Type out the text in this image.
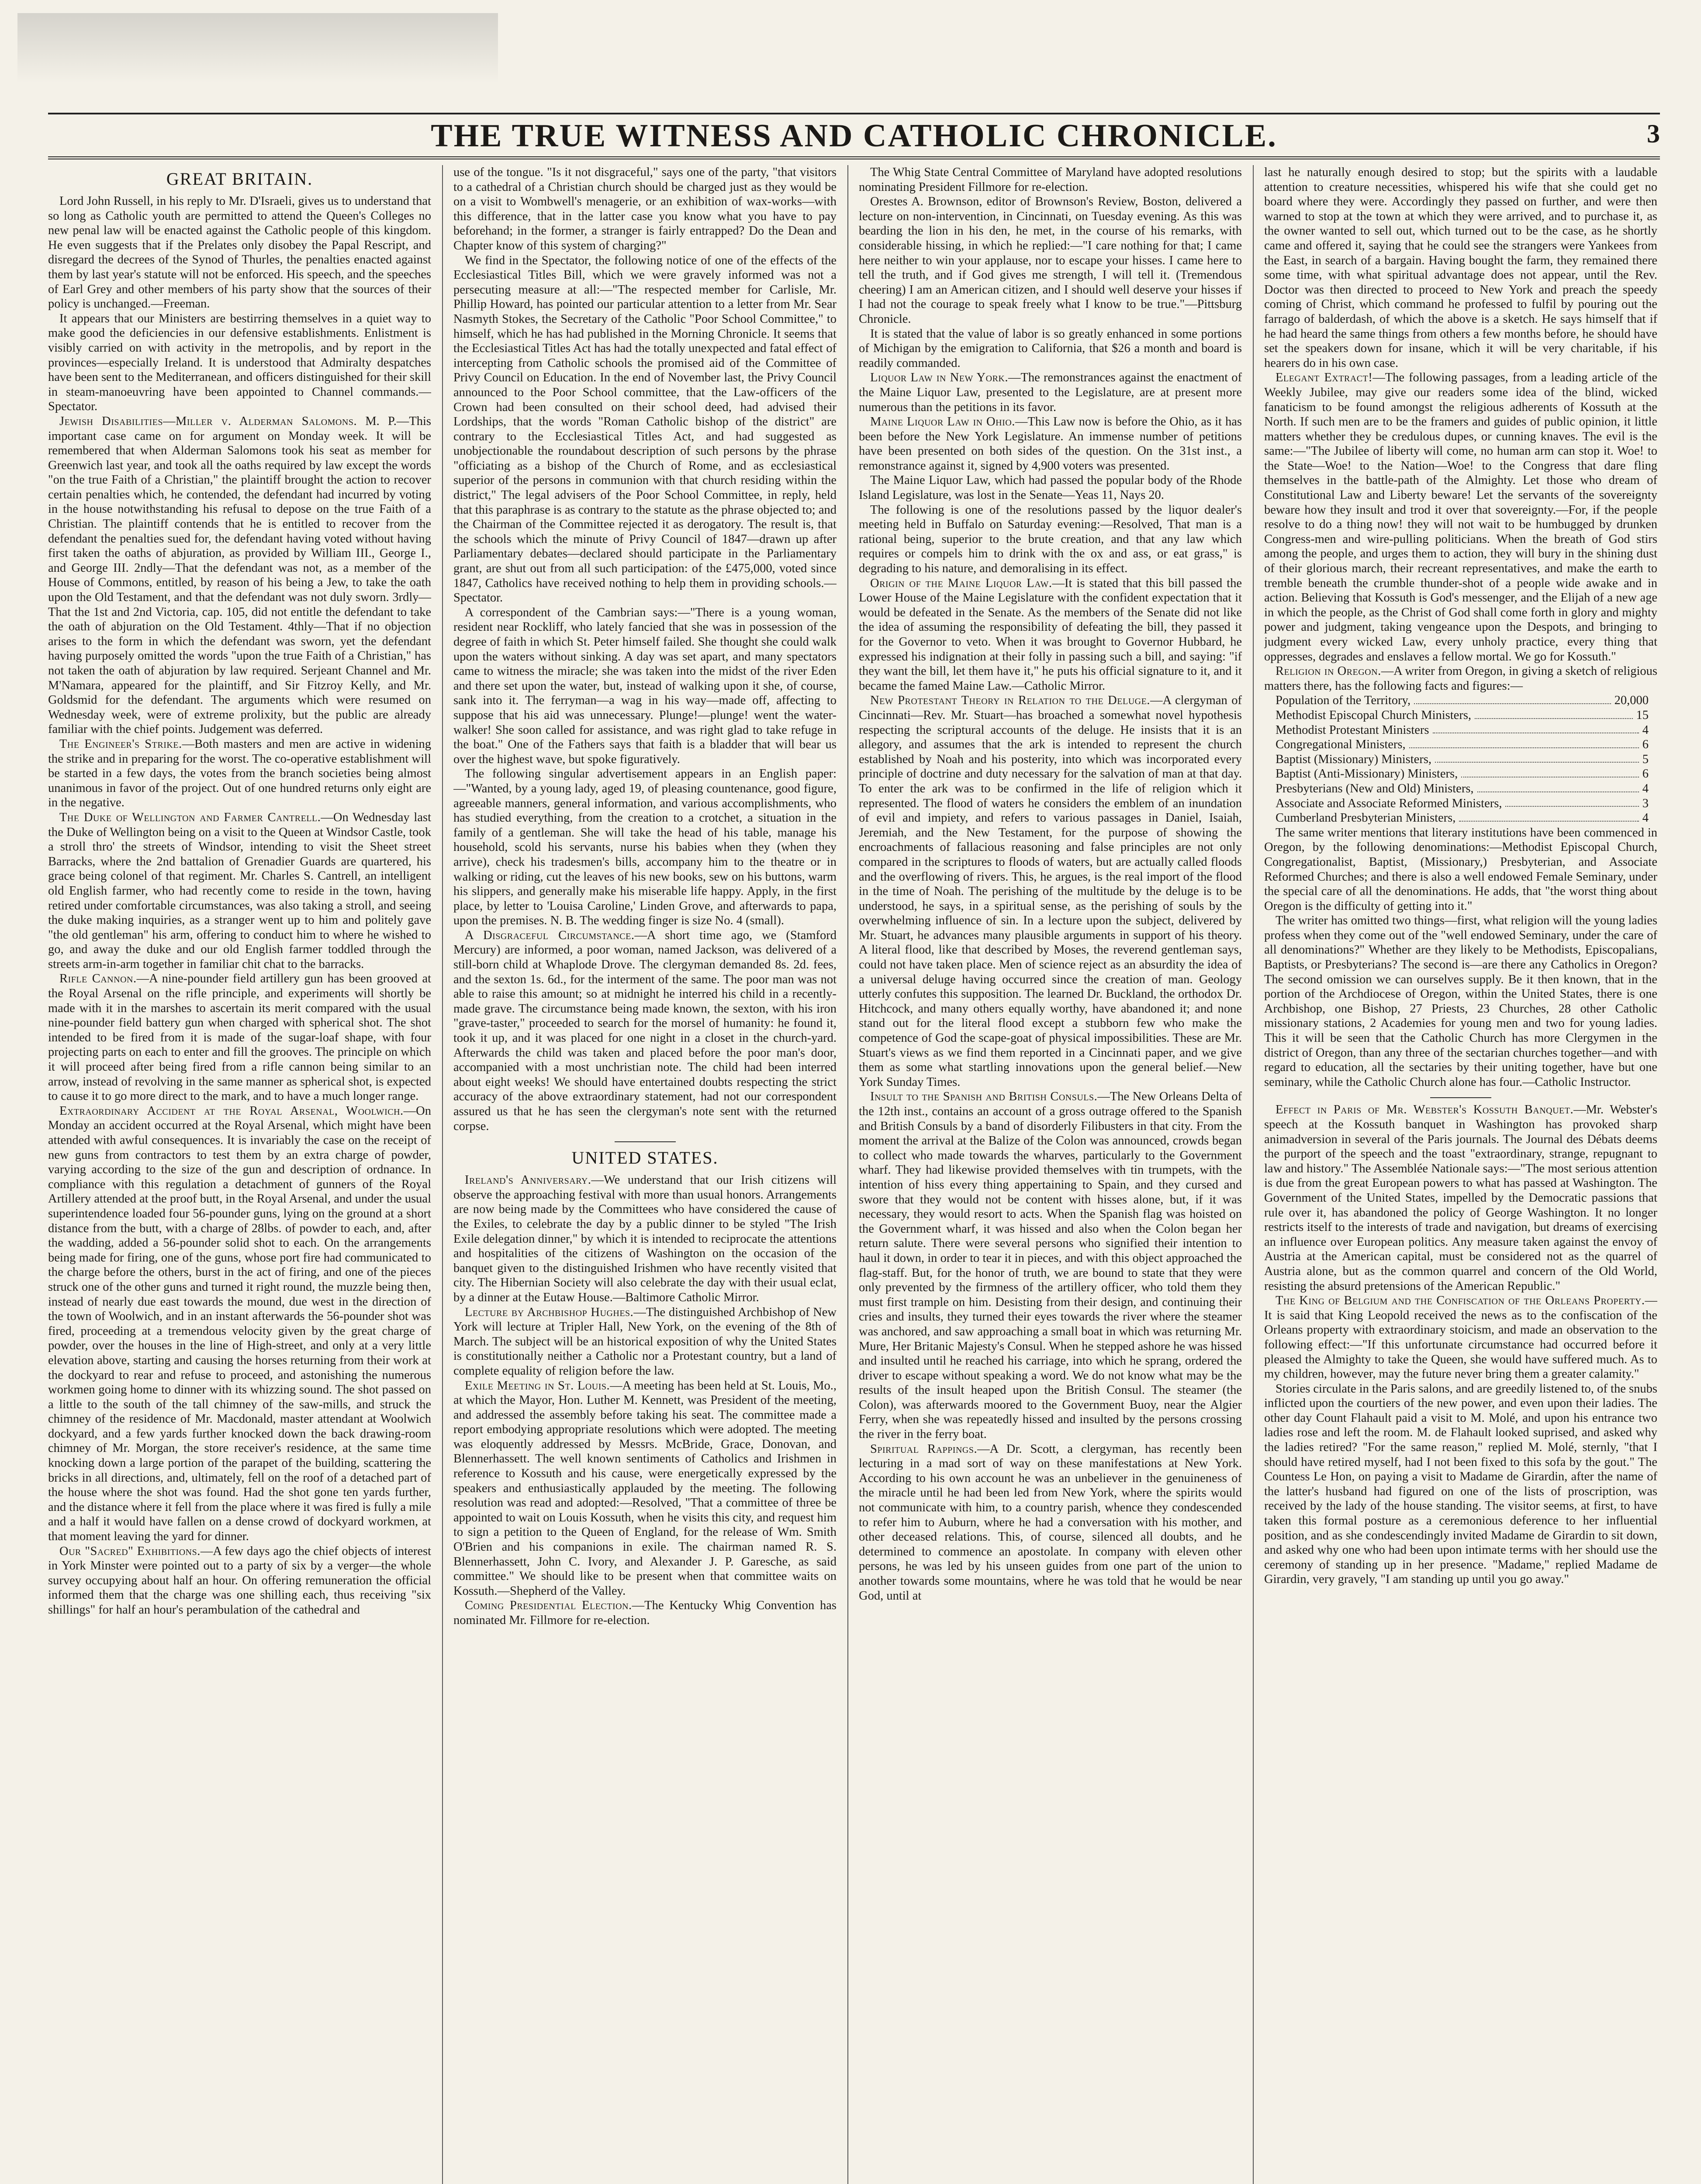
THE TRUE WITNESS AND CATHOLIC CHRONICLE.	3
GREAT BRITAIN.

Lord John Russell, in his reply to Mr. D'Israeli, gives us to understand that so long as Catholic youth are permitted to attend the Queen's Colleges no new penal law will be enacted against the Catholic people of this kingdom. He even suggests that if the Prelates only disobey the Papal Rescript, and disregard the decrees of the Synod of Thurles, the penalties enacted against them by last year's statute will not be enforced. His speech, and the speeches of Earl Grey and other members of his party show that the sources of their policy is unchanged.—Freeman.

It appears that our Ministers are bestirring themselves in a quiet way to make good the deficiencies in our defensive establishments. Enlistment is visibly carried on with activity in the metropolis, and by report in the provinces—especially Ireland. It is understood that Admiralty despatches have been sent to the Mediterranean, and officers distinguished for their skill in steam-manoeuvring have been appointed to Channel commands.—Spectator.

Jewish Disabilities—Miller v. Alderman Salomons. M. P.—This important case came on for argument on Monday week. It will be remembered that when Alderman Salomons took his seat as member for Greenwich last year, and took all the oaths required by law except the words "on the true Faith of a Christian," the plaintiff brought the action to recover certain penalties which, he contended, the defendant had incurred by voting in the house notwithstanding his refusal to depose on the true Faith of a Christian. The plaintiff contends that he is entitled to recover from the defendant the penalties sued for, the defendant having voted without having first taken the oaths of abjuration, as provided by William III., George I., and George III. 2ndly—That the defendant was not, as a member of the House of Commons, entitled, by reason of his being a Jew, to take the oath upon the Old Testament, and that the defendant was not duly sworn. 3rdly—That the 1st and 2nd Victoria, cap. 105, did not entitle the defendant to take the oath of abjuration on the Old Testament. 4thly—That if no objection arises to the form in which the defendant was sworn, yet the defendant having purposely omitted the words "upon the true Faith of a Christian," has not taken the oath of abjuration by law required. Serjeant Channel and Mr. M'Namara, appeared for the plaintiff, and Sir Fitzroy Kelly, and Mr. Goldsmid for the defendant. The arguments which were resumed on Wednesday week, were of extreme prolixity, but the public are already familiar with the chief points. Judgement was deferred.

The Engineer's Strike.—Both masters and men are active in widening the strike and in preparing for the worst. The co-operative establishment will be started in a few days, the votes from the branch societies being almost unanimous in favor of the project. Out of one hundred returns only eight are in the negative.

The Duke of Wellington and Farmer Cantrell.—On Wednesday last the Duke of Wellington being on a visit to the Queen at Windsor Castle, took a stroll thro' the streets of Windsor, intending to visit the Sheet street Barracks, where the 2nd battalion of Grenadier Guards are quartered, his grace being colonel of that regiment. Mr. Charles S. Cantrell, an intelligent old English farmer, who had recently come to reside in the town, having retired under comfortable circumstances, was also taking a stroll, and seeing the duke making inquiries, as a stranger went up to him and politely gave "the old gentleman" his arm, offering to conduct him to where he wished to go, and away the duke and our old English farmer toddled through the streets arm-in-arm together in familiar chit chat to the barracks.

Rifle Cannon.—A nine-pounder field artillery gun has been grooved at the Royal Arsenal on the rifle principle, and experiments will shortly be made with it in the marshes to ascertain its merit compared with the usual nine-pounder field battery gun when charged with spherical shot. The shot intended to be fired from it is made of the sugar-loaf shape, with four projecting parts on each to enter and fill the grooves. The principle on which it will proceed after being fired from a rifle cannon being similar to an arrow, instead of revolving in the same manner as spherical shot, is expected to cause it to go more direct to the mark, and to have a much longer range.

Extraordinary Accident at the Royal Arsenal, Woolwich.—On Monday an accident occurred at the Royal Arsenal, which might have been attended with awful consequences. It is invariably the case on the receipt of new guns from contractors to test them by an extra charge of powder, varying according to the size of the gun and description of ordnance. In compliance with this regulation a detachment of gunners of the Royal Artillery attended at the proof butt, in the Royal Arsenal, and under the usual superintendence loaded four 56-pounder guns, lying on the ground at a short distance from the butt, with a charge of 28lbs. of powder to each, and, after the wadding, added a 56-pounder solid shot to each. On the arrangements being made for firing, one of the guns, whose port fire had communicated to the charge before the others, burst in the act of firing, and one of the pieces struck one of the other guns and turned it right round, the muzzle being then, instead of nearly due east towards the mound, due west in the direction of the town of Woolwich, and in an instant afterwards the 56-pounder shot was fired, proceeding at a tremendous velocity given by the great charge of powder, over the houses in the line of High-street, and only at a very little elevation above, starting and causing the horses returning from their work at the dockyard to rear and refuse to proceed, and astonishing the numerous workmen going home to dinner with its whizzing sound. The shot passed on a little to the south of the tall chimney of the saw-mills, and struck the chimney of the residence of Mr. Macdonald, master attendant at Woolwich dockyard, and a few yards further knocked down the back drawing-room chimney of Mr. Morgan, the store receiver's residence, at the same time knocking down a large portion of the parapet of the building, scattering the bricks in all directions, and, ultimately, fell on the roof of a detached part of the house where the shot was found. Had the shot gone ten yards further, and the distance where it fell from the place where it was fired is fully a mile and a half it would have fallen on a dense crowd of dockyard workmen, at that moment leaving the yard for dinner.

Our "Sacred" Exhibitions.—A few days ago the chief objects of interest in York Minster were pointed out to a party of six by a verger—the whole survey occupying about half an hour. On offering remuneration the official informed them that the charge was one shilling each, thus receiving "six shillings" for half an hour's perambulation of the cathedral and

use of the tongue. "Is it not disgraceful," says one of the party, "that visitors to a cathedral of a Christian church should be charged just as they would be on a visit to Wombwell's menagerie, or an exhibition of wax-works—with this difference, that in the latter case you know what you have to pay beforehand; in the former, a stranger is fairly entrapped? Do the Dean and Chapter know of this system of charging?"

We find in the Spectator, the following notice of one of the effects of the Ecclesiastical Titles Bill, which we were gravely informed was not a persecuting measure at all:—"The respected member for Carlisle, Mr. Phillip Howard, has pointed our particular attention to a letter from Mr. Sear Nasmyth Stokes, the Secretary of the Catholic "Poor School Committee," to himself, which he has had published in the Morning Chronicle. It seems that the Ecclesiastical Titles Act has had the totally unexpected and fatal effect of intercepting from Catholic schools the promised aid of the Committee of Privy Council on Education. In the end of November last, the Privy Council announced to the Poor School committee, that the Law-officers of the Crown had been consulted on their school deed, had advised their Lordships, that the words "Roman Catholic bishop of the district" are contrary to the Ecclesiastical Titles Act, and had suggested as unobjectionable the roundabout description of such persons by the phrase "officiating as a bishop of the Church of Rome, and as ecclesiastical superior of the persons in communion with that church residing within the district," The legal advisers of the Poor School Committee, in reply, held that this paraphrase is as contrary to the statute as the phrase objected to; and the Chairman of the Committee rejected it as derogatory. The result is, that the schools which the minute of Privy Council of 1847—drawn up after Parliamentary debates—declared should participate in the Parliamentary grant, are shut out from all such participation: of the £475,000, voted since 1847, Catholics have received nothing to help them in providing schools.—Spectator.

A correspondent of the Cambrian says:—"There is a young woman, resident near Rockliff, who lately fancied that she was in possession of the degree of faith in which St. Peter himself failed. She thought she could walk upon the waters without sinking. A day was set apart, and many spectators came to witness the miracle; she was taken into the midst of the river Eden and there set upon the water, but, instead of walking upon it she, of course, sank into it. The ferryman—a wag in his way—made off, affecting to suppose that his aid was unnecessary. Plunge!—plunge! went the water-walker! She soon called for assistance, and was right glad to take refuge in the boat." One of the Fathers says that faith is a bladder that will bear us over the highest wave, but spoke figuratively.

The following singular advertisement appears in an English paper:—"Wanted, by a young lady, aged 19, of pleasing countenance, good figure, agreeable manners, general information, and various accomplishments, who has studied everything, from the creation to a crotchet, a situation in the family of a gentleman. She will take the head of his table, manage his household, scold his servants, nurse his babies when they (when they arrive), check his tradesmen's bills, accompany him to the theatre or in walking or riding, cut the leaves of his new books, sew on his buttons, warm his slippers, and generally make his miserable life happy. Apply, in the first place, by letter to 'Louisa Caroline,' Linden Grove, and afterwards to papa, upon the premises. N. B. The wedding finger is size No. 4 (small).

A Disgraceful Circumstance.—A short time ago, we (Stamford Mercury) are informed, a poor woman, named Jackson, was delivered of a still-born child at Whaplode Drove. The clergyman demanded 8s. 2d. fees, and the sexton 1s. 6d., for the interment of the same. The poor man was not able to raise this amount; so at midnight he interred his child in a recently-made grave. The circumstance being made known, the sexton, with his iron "grave-taster," proceeded to search for the morsel of humanity: he found it, took it up, and it was placed for one night in a closet in the church-yard. Afterwards the child was taken and placed before the poor man's door, accompanied with a most unchristian note. The child had been interred about eight weeks! We should have entertained doubts respecting the strict accuracy of the above extraordinary statement, had not our correspondent assured us that he has seen the clergyman's note sent with the returned corpse.

UNITED STATES.

Ireland's Anniversary.—We understand that our Irish citizens will observe the approaching festival with more than usual honors. Arrangements are now being made by the Committees who have considered the cause of the Exiles, to celebrate the day by a public dinner to be styled "The Irish Exile delegation dinner," by which it is intended to reciprocate the attentions and hospitalities of the citizens of Washington on the occasion of the banquet given to the distinguished Irishmen who have recently visited that city. The Hibernian Society will also celebrate the day with their usual eclat, by a dinner at the Eutaw House.—Baltimore Catholic Mirror.

Lecture by Archbishop Hughes.—The distinguished Archbishop of New York will lecture at Tripler Hall, New York, on the evening of the 8th of March. The subject will be an historical exposition of why the United States is constitutionally neither a Catholic nor a Protestant country, but a land of complete equality of religion before the law.

Exile Meeting in St. Louis.—A meeting has been held at St. Louis, Mo., at which the Mayor, Hon. Luther M. Kennett, was President of the meeting, and addressed the assembly before taking his seat. The committee made a report embodying appropriate resolutions which were adopted. The meeting was eloquently addressed by Messrs. McBride, Grace, Donovan, and Blennerhassett. The well known sentiments of Catholics and Irishmen in reference to Kossuth and his cause, were energetically expressed by the speakers and enthusiastically applauded by the meeting. The following resolution was read and adopted:—Resolved, "That a committee of three be appointed to wait on Louis Kossuth, when he visits this city, and request him to sign a petition to the Queen of England, for the release of Wm. Smith O'Brien and his companions in exile. The chairman named R. S. Blennerhassett, John C. Ivory, and Alexander J. P. Garesche, as said committee." We should like to be present when that committee waits on Kossuth.—Shepherd of the Valley.

Coming Presidential Election.—The Kentucky Whig Convention has nominated Mr. Fillmore for re-election.

The Whig State Central Committee of Maryland have adopted resolutions nominating President Fillmore for re-election.

Orestes A. Brownson, editor of Brownson's Review, Boston, delivered a lecture on non-intervention, in Cincinnati, on Tuesday evening. As this was bearding the lion in his den, he met, in the course of his remarks, with considerable hissing, in which he replied:—"I care nothing for that; I came here neither to win your applause, nor to escape your hisses. I came here to tell the truth, and if God gives me strength, I will tell it. (Tremendous cheering) I am an American citizen, and I should well deserve your hisses if I had not the courage to speak freely what I know to be true."—Pittsburg Chronicle.

It is stated that the value of labor is so greatly enhanced in some portions of Michigan by the emigration to California, that $26 a month and board is readily commanded.

Liquor Law in New York.—The remonstrances against the enactment of the Maine Liquor Law, presented to the Legislature, are at present more numerous than the petitions in its favor.

Maine Liquor Law in Ohio.—This Law now is before the Ohio, as it has been before the New York Legislature. An immense number of petitions have been presented on both sides of the question. On the 31st inst., a remonstrance against it, signed by 4,900 voters was presented.

The Maine Liquor Law, which had passed the popular body of the Rhode Island Legislature, was lost in the Senate—Yeas 11, Nays 20.

The following is one of the resolutions passed by the liquor dealer's meeting held in Buffalo on Saturday evening:—Resolved, That man is a rational being, superior to the brute creation, and that any law which requires or compels him to drink with the ox and ass, or eat grass," is degrading to his nature, and demoralising in its effect.

Origin of the Maine Liquor Law.—It is stated that this bill passed the Lower House of the Maine Legislature with the confident expectation that it would be defeated in the Senate. As the members of the Senate did not like the idea of assuming the responsibility of defeating the bill, they passed it for the Governor to veto. When it was brought to Governor Hubbard, he expressed his indignation at their folly in passing such a bill, and saying: "if they want the bill, let them have it," he puts his official signature to it, and it became the famed Maine Law.—Catholic Mirror.

New Protestant Theory in Relation to the Deluge.—A clergyman of Cincinnati—Rev. Mr. Stuart—has broached a somewhat novel hypothesis respecting the scriptural accounts of the deluge. He insists that it is an allegory, and assumes that the ark is intended to represent the church established by Noah and his posterity, into which was incorporated every principle of doctrine and duty necessary for the salvation of man at that day. To enter the ark was to be confirmed in the life of religion which it represented. The flood of waters he considers the emblem of an inundation of evil and impiety, and refers to various passages in Daniel, Isaiah, Jeremiah, and the New Testament, for the purpose of showing the encroachments of fallacious reasoning and false principles are not only compared in the scriptures to floods of waters, but are actually called floods and the overflowing of rivers. This, he argues, is the real import of the flood in the time of Noah. The perishing of the multitude by the deluge is to be understood, he says, in a spiritual sense, as the perishing of souls by the overwhelming influence of sin. In a lecture upon the subject, delivered by Mr. Stuart, he advances many plausible arguments in support of his theory. A literal flood, like that described by Moses, the reverend gentleman says, could not have taken place. Men of science reject as an absurdity the idea of a universal deluge having occurred since the creation of man. Geology utterly confutes this supposition. The learned Dr. Buckland, the orthodox Dr. Hitchcock, and many others equally worthy, have abandoned it; and none stand out for the literal flood except a stubborn few who make the competence of God the scape-goat of physical impossibilities. These are Mr. Stuart's views as we find them reported in a Cincinnati paper, and we give them as some what startling innovations upon the general belief.—New York Sunday Times.

Insult to the Spanish and British Consuls.—The New Orleans Delta of the 12th inst., contains an account of a gross outrage offered to the Spanish and British Consuls by a band of disorderly Filibusters in that city. From the moment the arrival at the Balize of the Colon was announced, crowds began to collect who made towards the wharves, particularly to the Government wharf. They had likewise provided themselves with tin trumpets, with the intention of hiss every thing appertaining to Spain, and they cursed and swore that they would not be content with hisses alone, but, if it was necessary, they would resort to acts. When the Spanish flag was hoisted on the Government wharf, it was hissed and also when the Colon began her return salute. There were several persons who signified their intention to haul it down, in order to tear it in pieces, and with this object approached the flag-staff. But, for the honor of truth, we are bound to state that they were only prevented by the firmness of the artillery officer, who told them they must first trample on him. Desisting from their design, and continuing their cries and insults, they turned their eyes towards the river where the steamer was anchored, and saw approaching a small boat in which was returning Mr. Mure, Her Britanic Majesty's Consul. When he stepped ashore he was hissed and insulted until he reached his carriage, into which he sprang, ordered the driver to escape without speaking a word. We do not know what may be the results of the insult heaped upon the British Consul. The steamer (the Colon), was afterwards moored to the Government Buoy, near the Algier Ferry, when she was repeatedly hissed and insulted by the persons crossing the river in the ferry boat.

Spiritual Rappings.—A Dr. Scott, a clergyman, has recently been lecturing in a mad sort of way on these manifestations at New York. According to his own account he was an unbeliever in the genuineness of the miracle until he had been led from New York, where the spirits would not communicate with him, to a country parish, whence they condescended to refer him to Auburn, where he had a conversation with his mother, and other deceased relations. This, of course, silenced all doubts, and he determined to commence an apostolate. In company with eleven other persons, he was led by his unseen guides from one part of the union to another towards some mountains, where he was told that he would be near God, until at

last he naturally enough desired to stop; but the spirits with a laudable attention to creature necessities, whispered his wife that she could get no board where they were. Accordingly they passed on further, and were then warned to stop at the town at which they were arrived, and to purchase it, as the owner wanted to sell out, which turned out to be the case, as he shortly came and offered it, saying that he could see the strangers were Yankees from the East, in search of a bargain. Having bought the farm, they remained there some time, with what spiritual advantage does not appear, until the Rev. Doctor was then directed to proceed to New York and preach the speedy coming of Christ, which command he professed to fulfil by pouring out the farrago of balderdash, of which the above is a sketch. He says himself that if he had heard the same things from others a few months before, he should have set the speakers down for insane, which it will be very charitable, if his hearers do in his own case.

Elegant Extract!—The following passages, from a leading article of the Weekly Jubilee, may give our readers some idea of the blind, wicked fanaticism to be found amongst the religious adherents of Kossuth at the North. If such men are to be the framers and guides of public opinion, it little matters whether they be credulous dupes, or cunning knaves. The evil is the same:—"The Jubilee of liberty will come, no human arm can stop it. Woe! to the State—Woe! to the Nation—Woe! to the Congress that dare fling themselves in the battle-path of the Almighty. Let those who dream of Constitutional Law and Liberty beware! Let the servants of the sovereignty beware how they insult and trod it over that sovereignty.—For, if the people resolve to do a thing now! they will not wait to be humbugged by drunken Congress-men and wire-pulling politicians. When the breath of God stirs among the people, and urges them to action, they will bury in the shining dust of their glorious march, their recreant representatives, and make the earth to tremble beneath the crumble thunder-shot of a people wide awake and in action. Believing that Kossuth is God's messenger, and the Elijah of a new age in which the people, as the Christ of God shall come forth in glory and mighty power and judgment, taking vengeance upon the Despots, and bringing to judgment every wicked Law, every unholy practice, every thing that oppresses, degrades and enslaves a fellow mortal. We go for Kossuth."

Religion in Oregon.—A writer from Oregon, in giving a sketch of religious matters there, has the following facts and figures:—

Population of the Territory,	20,000
Methodist Episcopal Church Ministers,	15
Methodist Protestant Ministers	4
Congregational Ministers,	6
Baptist (Missionary) Ministers,	5
Baptist (Anti-Missionary) Ministers,	6
Presbyterians (New and Old) Ministers,	4
Associate and Associate Reformed Ministers,	3
Cumberland Presbyterian Ministers,	4

The same writer mentions that literary institutions have been commenced in Oregon, by the following denominations:—Methodist Episcopal Church, Congregationalist, Baptist, (Missionary,) Presbyterian, and Associate Reformed Churches; and there is also a well endowed Female Seminary, under the special care of all the denominations. He adds, that "the worst thing about Oregon is the difficulty of getting into it."

The writer has omitted two things—first, what religion will the young ladies profess when they come out of the "well endowed Seminary, under the care of all denominations?" Whether are they likely to be Methodists, Episcopalians, Baptists, or Presbyterians? The second is—are there any Catholics in Oregon? The second omission we can ourselves supply. Be it then known, that in the portion of the Archdiocese of Oregon, within the United States, there is one Archbishop, one Bishop, 27 Priests, 23 Churches, 28 other Catholic missionary stations, 2 Academies for young men and two for young ladies. This it will be seen that the Catholic Church has more Clergymen in the district of Oregon, than any three of the sectarian churches together—and with regard to education, all the sectaries by their uniting together, have but one seminary, while the Catholic Church alone has four.—Catholic Instructor.

Effect in Paris of Mr. Webster's Kossuth Banquet.—Mr. Webster's speech at the Kossuth banquet in Washington has provoked sharp animadversion in several of the Paris journals. The Journal des Débats deems the purport of the speech and the toast "extraordinary, strange, repugnant to law and history." The Assemblée Nationale says:—"The most serious attention is due from the great European powers to what has passed at Washington. The Government of the United States, impelled by the Democratic passions that rule over it, has abandoned the policy of George Washington. It no longer restricts itself to the interests of trade and navigation, but dreams of exercising an influence over European politics. Any measure taken against the envoy of Austria at the American capital, must be considered not as the quarrel of Austria alone, but as the common quarrel and concern of the Old World, resisting the absurd pretensions of the American Republic."

The King of Belgium and the Confiscation of the Orleans Property.—It is said that King Leopold received the news as to the confiscation of the Orleans property with extraordinary stoicism, and made an observation to the following effect:—"If this unfortunate circumstance had occurred before it pleased the Almighty to take the Queen, she would have suffered much. As to my children, however, may the future never bring them a greater calamity."

Stories circulate in the Paris salons, and are greedily listened to, of the snubs inflicted upon the courtiers of the new power, and even upon their ladies. The other day Count Flahault paid a visit to M. Molé, and upon his entrance two ladies rose and left the room. M. de Flahault looked suprised, and asked why the ladies retired? "For the same reason," replied M. Molé, sternly, "that I should have retired myself, had I not been fixed to this sofa by the gout." The Countess Le Hon, on paying a visit to Madame de Girardin, after the name of the latter's husband had figured on one of the lists of proscription, was received by the lady of the house standing. The visitor seems, at first, to have taken this formal posture as a ceremonious deference to her influential position, and as she condescendingly invited Madame de Girardin to sit down, and asked why one who had been upon intimate terms with her should use the ceremony of standing up in her presence. "Madame," replied Madame de Girardin, very gravely, "I am standing up until you go away."
